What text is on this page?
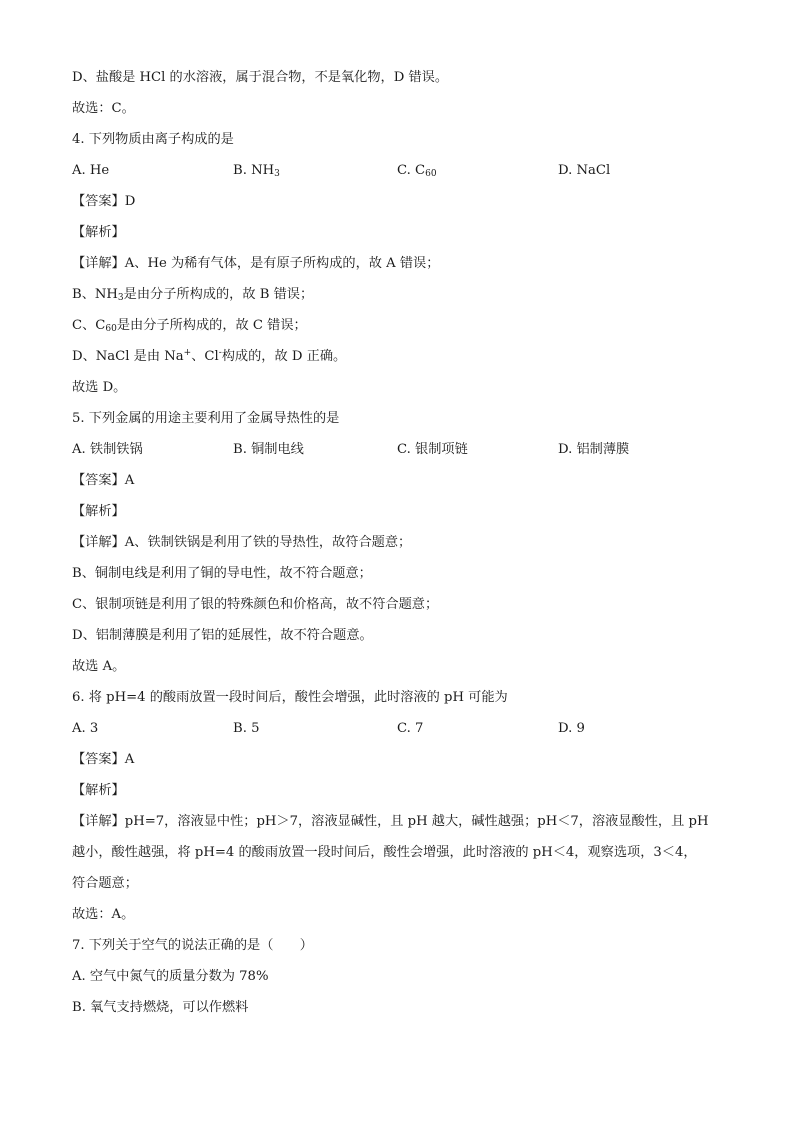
D、盐酸是 HCl 的水溶液，属于混合物，不是氧化物，D 错误。
故选：C。
4. 下列物质由离子构成的是
A. He	B. $NH_3$	C. $C_{60}$	D. NaCl
【答案】D
【解析】
【详解】A、He 为稀有气体，是有原子所构成的，故 A 错误；
B、$NH_3$是由分子所构成的，故 B 错误；
C、$C_{60}$是由分子所构成的，故 C 错误；
D、NaCl 是由 Na+、Cl-构成的，故 D 正确。
故选 D。
5. 下列金属的用途主要利用了金属导热性的是
A. 铁制铁锅	B. 铜制电线	C. 银制项链	D. 铝制薄膜
【答案】A
【解析】
【详解】A、铁制铁锅是利用了铁的导热性，故符合题意；
B、铜制电线是利用了铜的导电性，故不符合题意；
C、银制项链是利用了银的特殊颜色和价格高，故不符合题意；
D、铝制薄膜是利用了铝的延展性，故不符合题意。
故选 A。
6. 将 pH=4 的酸雨放置一段时间后，酸性会增强，此时溶液的 pH 可能为
A. 3	B. 5	C. 7	D. 9
【答案】A
【解析】
【详解】pH=7，溶液显中性；pH＞7，溶液显碱性，且 pH 越大，碱性越强；pH＜7，溶液显酸性，且 pH
越小，酸性越强，将 pH=4 的酸雨放置一段时间后，酸性会增强，此时溶液的 pH＜4，观察选项，3＜4，
符合题意；
故选：A。
7. 下列关于空气的说法正确的是（　　）
A. 空气中氮气的质量分数为 78%
B. 氧气支持燃烧，可以作燃料
